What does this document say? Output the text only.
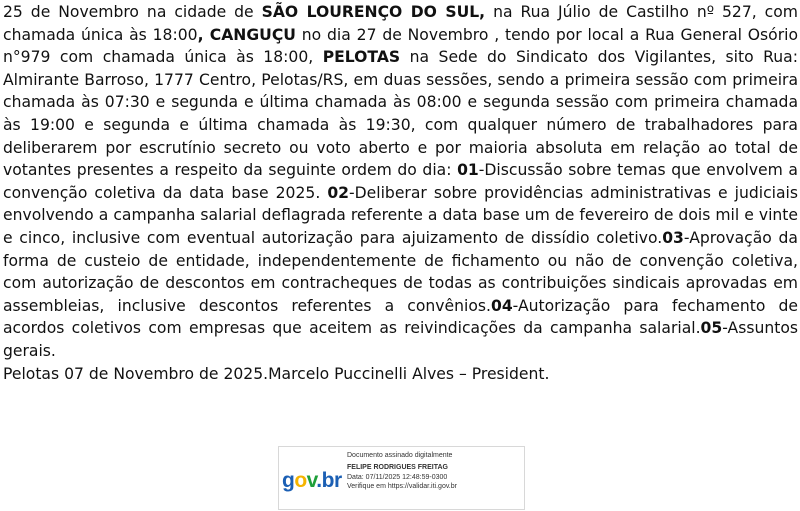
25 de Novembro na cidade de SÃO LOURENÇO DO SUL, na Rua Júlio de Castilho nº 527, com chamada única às 18:00, CANGUÇU no dia 27 de Novembro , tendo por local a Rua General Osório n°979 com chamada única às 18:00, PELOTAS na Sede do Sindicato dos Vigilantes, sito Rua: Almirante Barroso, 1777 Centro, Pelotas/RS, em duas sessões, sendo a primeira sessão com primeira chamada às 07:30 e segunda e última chamada às 08:00 e segunda sessão com primeira chamada às 19:00 e segunda e última chamada às 19:30, com qualquer número de trabalhadores para deliberarem por escrutínio secreto ou voto aberto e por maioria absoluta em relação ao total de votantes presentes a respeito da seguinte ordem do dia: 01-Discussão sobre temas que envolvem a convenção coletiva da data base 2025. 02-Deliberar sobre providências administrativas e judiciais envolvendo a campanha salarial deflagrada referente a data base um de fevereiro de dois mil e vinte e cinco, inclusive com eventual autorização para ajuizamento de dissídio coletivo.03-Aprovação da forma de custeio de entidade, independentemente de fichamento ou não de convenção coletiva, com autorização de descontos em contracheques de todas as contribuições sindicais aprovadas em assembleias, inclusive descontos referentes a convênios.04-Autorização para fechamento de acordos coletivos com empresas que aceitem as reivindicações da campanha salarial.05-Assuntos gerais.
Pelotas 07 de Novembro de 2025.Marcelo Puccinelli Alves – President.
gov.br
Documento assinado digitalmente
FELIPE RODRIGUES FREITAG
Data: 07/11/2025 12:48:59-0300
Verifique em https://validar.iti.gov.br
